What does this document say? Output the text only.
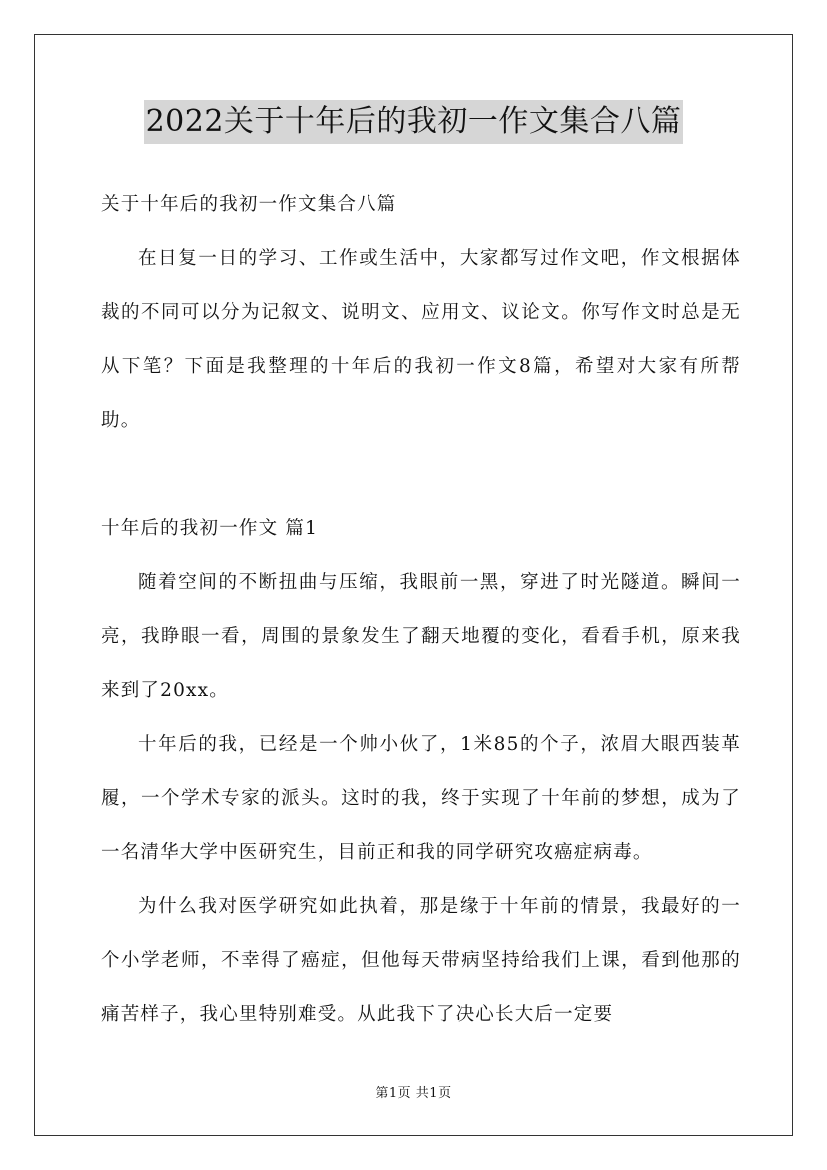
2022关于十年后的我初一作文集合八篇

关于十年后的我初一作文集合八篇

在日复一日的学习、工作或生活中，大家都写过作文吧，作文根据体裁的不同可以分为记叙文、说明文、应用文、议论文。你写作文时总是无从下笔？下面是我整理的十年后的我初一作文8篇，希望对大家有所帮助。

十年后的我初一作文 篇1

随着空间的不断扭曲与压缩，我眼前一黑，穿进了时光隧道。瞬间一亮，我睁眼一看，周围的景象发生了翻天地覆的变化，看看手机，原来我来到了20xx。

十年后的我，已经是一个帅小伙了，1米85的个子，浓眉大眼西装革履，一个学术专家的派头。这时的我，终于实现了十年前的梦想，成为了一名清华大学中医研究生，目前正和我的同学研究攻癌症病毒。

为什么我对医学研究如此执着，那是缘于十年前的情景，我最好的一个小学老师，不幸得了癌症，但他每天带病坚持给我们上课，看到他那的痛苦样子，我心里特别难受。从此我下了决心长大后一定要

第1页 共1页
